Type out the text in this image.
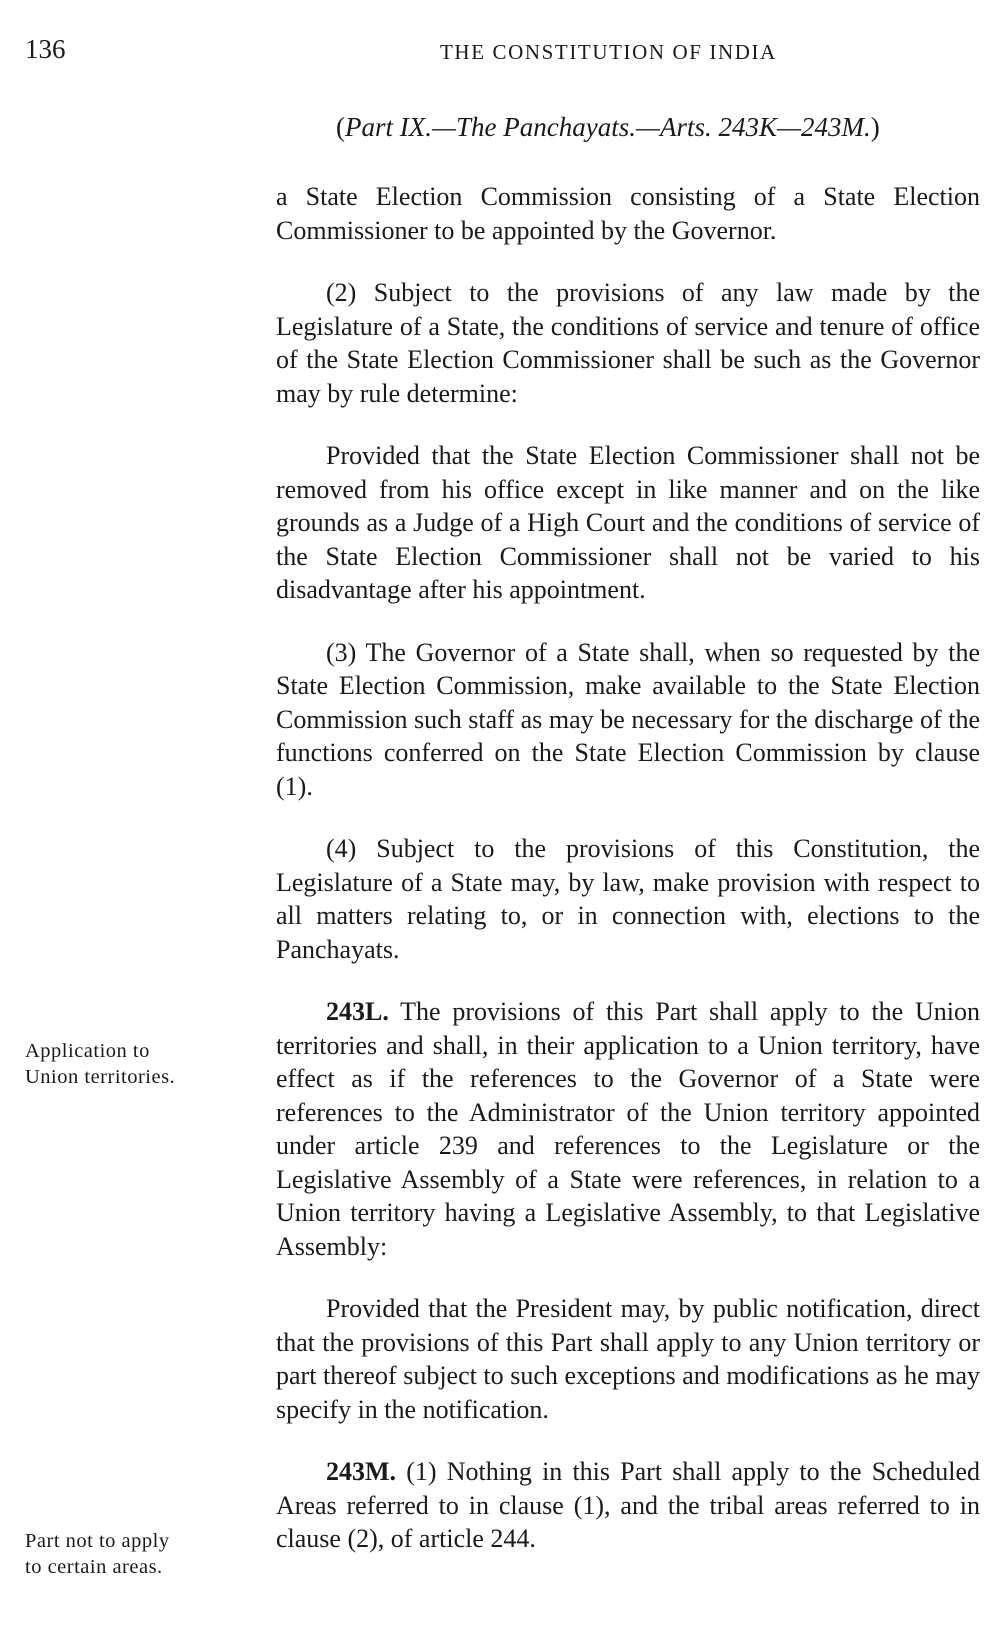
136	THE CONSTITUTION OF INDIA
(Part IX.—The Panchayats.—Arts. 243K—243M.)

a State Election Commission consisting of a State Election Commissioner to be appointed by the Governor.

(2) Subject to the provisions of any law made by the Legislature of a State, the conditions of service and tenure of office of the State Election Commissioner shall be such as the Governor may by rule determine:

Provided that the State Election Commissioner shall not be removed from his office except in like manner and on the like grounds as a Judge of a High Court and the conditions of service of the State Election Commissioner shall not be varied to his disadvantage after his appointment.

(3) The Governor of a State shall, when so requested by the State Election Commission, make available to the State Election Commission such staff as may be necessary for the discharge of the functions conferred on the State Election Commission by clause (1).

(4) Subject to the provisions of this Constitution, the Legislature of a State may, by law, make provision with respect to all matters relating to, or in connection with, elections to the Panchayats.

243L. The provisions of this Part shall apply to the Union territories and shall, in their application to a Union territory, have effect as if the references to the Governor of a State were references to the Administrator of the Union territory appointed under article 239 and references to the Legislature or the Legislative Assembly of a State were references, in relation to a Union territory having a Legislative Assembly, to that Legislative Assembly:

Provided that the President may, by public notification, direct that the provisions of this Part shall apply to any Union territory or part thereof subject to such exceptions and modifications as he may specify in the notification.

243M. (1) Nothing in this Part shall apply to the Scheduled Areas referred to in clause (1), and the tribal areas referred to in clause (2), of article 244.

Application to
Union territories.
Part not to apply
to certain areas.
